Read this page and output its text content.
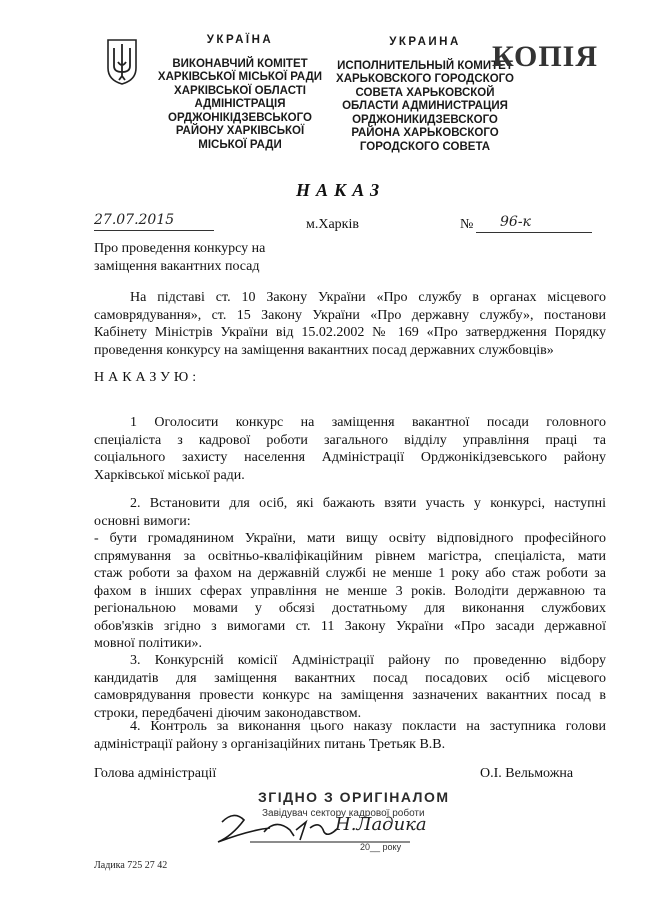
УКРАЇНА
ВИКОНАВЧИЙ КОМІТЕТ
ХАРКІВСЬКОЇ МІСЬКОЇ РАДИ
ХАРКІВСЬКОЇ ОБЛАСТІ
АДМІНІСТРАЦІЯ
ОРДЖОНІКІДЗЕВСЬКОГО
РАЙОНУ ХАРКІВСЬКОЇ
МІСЬКОЇ РАДИ
УКРАИНА
ИСПОЛНИТЕЛЬНЫЙ КОМИТЕТ
ХАРЬКОВСКОГО ГОРОДСКОГО
СОВЕТА ХАРЬКОВСКОЙ
ОБЛАСТИ АДМИНИСТРАЦИЯ
ОРДЖОНИКИДЗЕВСКОГО
РАЙОНА ХАРЬКОВСКОГО
ГОРОДСКОГО СОВЕТА
КОПІЯ
НАКАЗ
27.07.2015	м.Харків	№ 96-к
Про проведення конкурсу на
заміщення вакантних посад

На підставі ст. 10 Закону України «Про службу в органах місцевого

самоврядування», ст. 15 Закону України «Про державну службу», постанови

Кабінету Міністрів України від 15.02.2002 № 169 «Про затвердження Порядку

проведення конкурсу на заміщення вакантних посад державних службовців»

НАКАЗУЮ:

1 Оголосити конкурс на заміщення вакантної посади головного

спеціаліста з кадрової роботи загального відділу управління праці та

соціального захисту населення Адміністрації Орджонікідзевського району

Харківської міської ради.

2. Встановити для осіб, які бажають взяти участь у конкурсі, наступні

основні вимоги:

- бути громадянином України, мати вищу освіту відповідного професійного

спрямування за освітньо-кваліфікаційним рівнем магістра, спеціаліста, мати

стаж роботи за фахом на державній службі не менше 1 року або стаж роботи за

фахом в інших сферах управління не менше 3 років. Володіти державною та

регіональною мовами у обсязі достатньому для виконання службових

обов'язків згідно з вимогами ст. 11 Закону України «Про засади державної

мовної політики».

3. Конкурсній комісії Адміністрації району по проведенню відбору

кандидатів для заміщення вакантних посад посадових осіб місцевого

самоврядування провести конкурс на заміщення зазначених вакантних посад в

строки, передбачені діючим законодавством.

4. Контроль за виконання цього наказу покласти на заступника голови

адміністрації району з організаційних питань Третьяк В.В.

Голова адміністрації	О.І. Вельможна
ЗГІДНО З ОРИГІНАЛОМ
Завідувач сектору кадрової роботи
Н.Ладика
20__ року
Ладика 725 27 42
